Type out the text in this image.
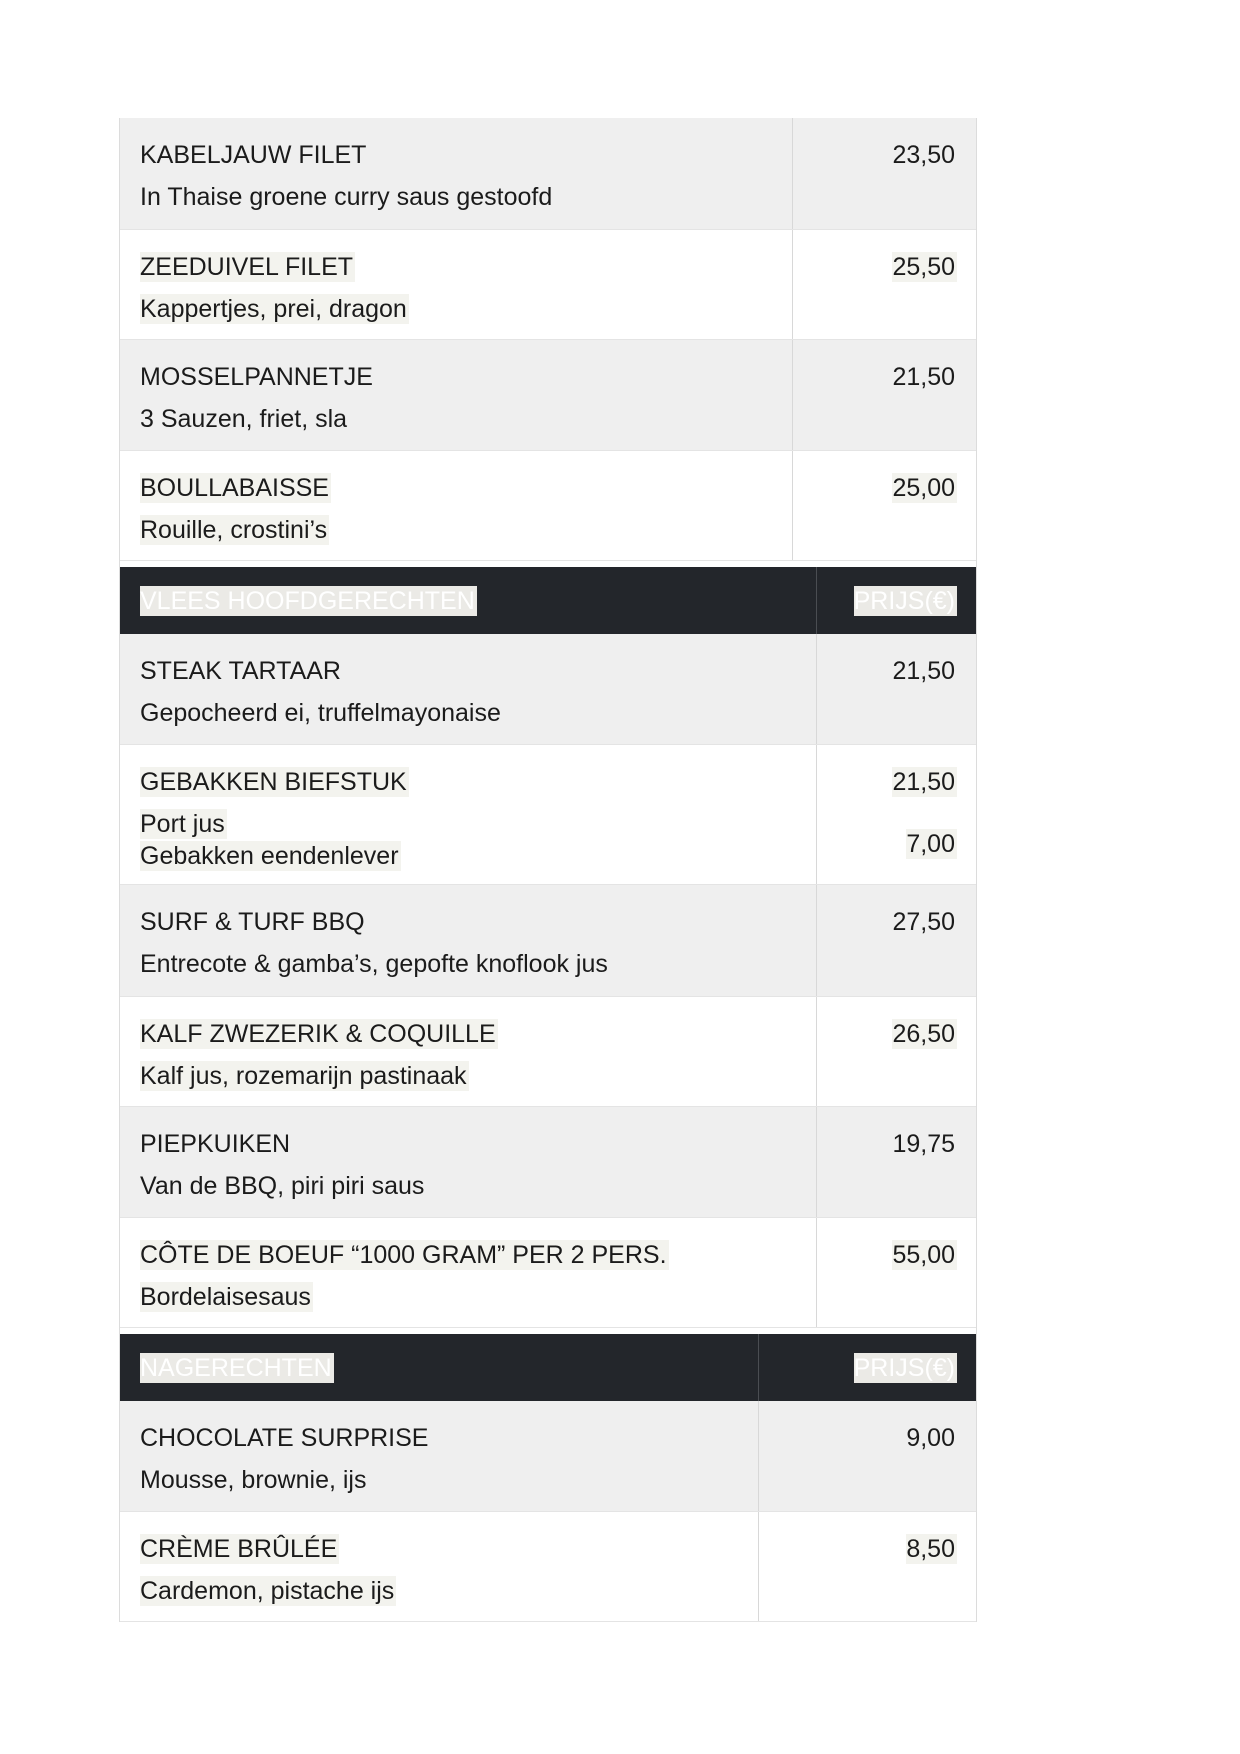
KABELJAUW FILET
In Thaise groene curry saus gestoofd
23,50
ZEEDUIVEL FILET
Kappertjes, prei, dragon
25,50
MOSSELPANNETJE
3 Sauzen, friet, sla
21,50
BOULLABAISSE
Rouille, crostini’s
25,00
VLEES HOOFDGERECHTEN	PRIJS(€)
STEAK TARTAAR
Gepocheerd ei, truffelmayonaise
21,50
GEBAKKEN BIEFSTUK
Port jus
Gebakken eendenlever
21,50
7,00
SURF & TURF BBQ
Entrecote & gamba’s, gepofte knoflook jus
27,50
KALF ZWEZERIK & COQUILLE
Kalf jus, rozemarijn pastinaak
26,50
PIEPKUIKEN
Van de BBQ, piri piri saus
19,75
CÔTE DE BOEUF “1000 GRAM” PER 2 PERS.
Bordelaisesaus
55,00
NAGERECHTEN	PRIJS(€)
CHOCOLATE SURPRISE
Mousse, brownie, ijs
9,00
CRÈME BRÛLÉE
Cardemon, pistache ijs
8,50
